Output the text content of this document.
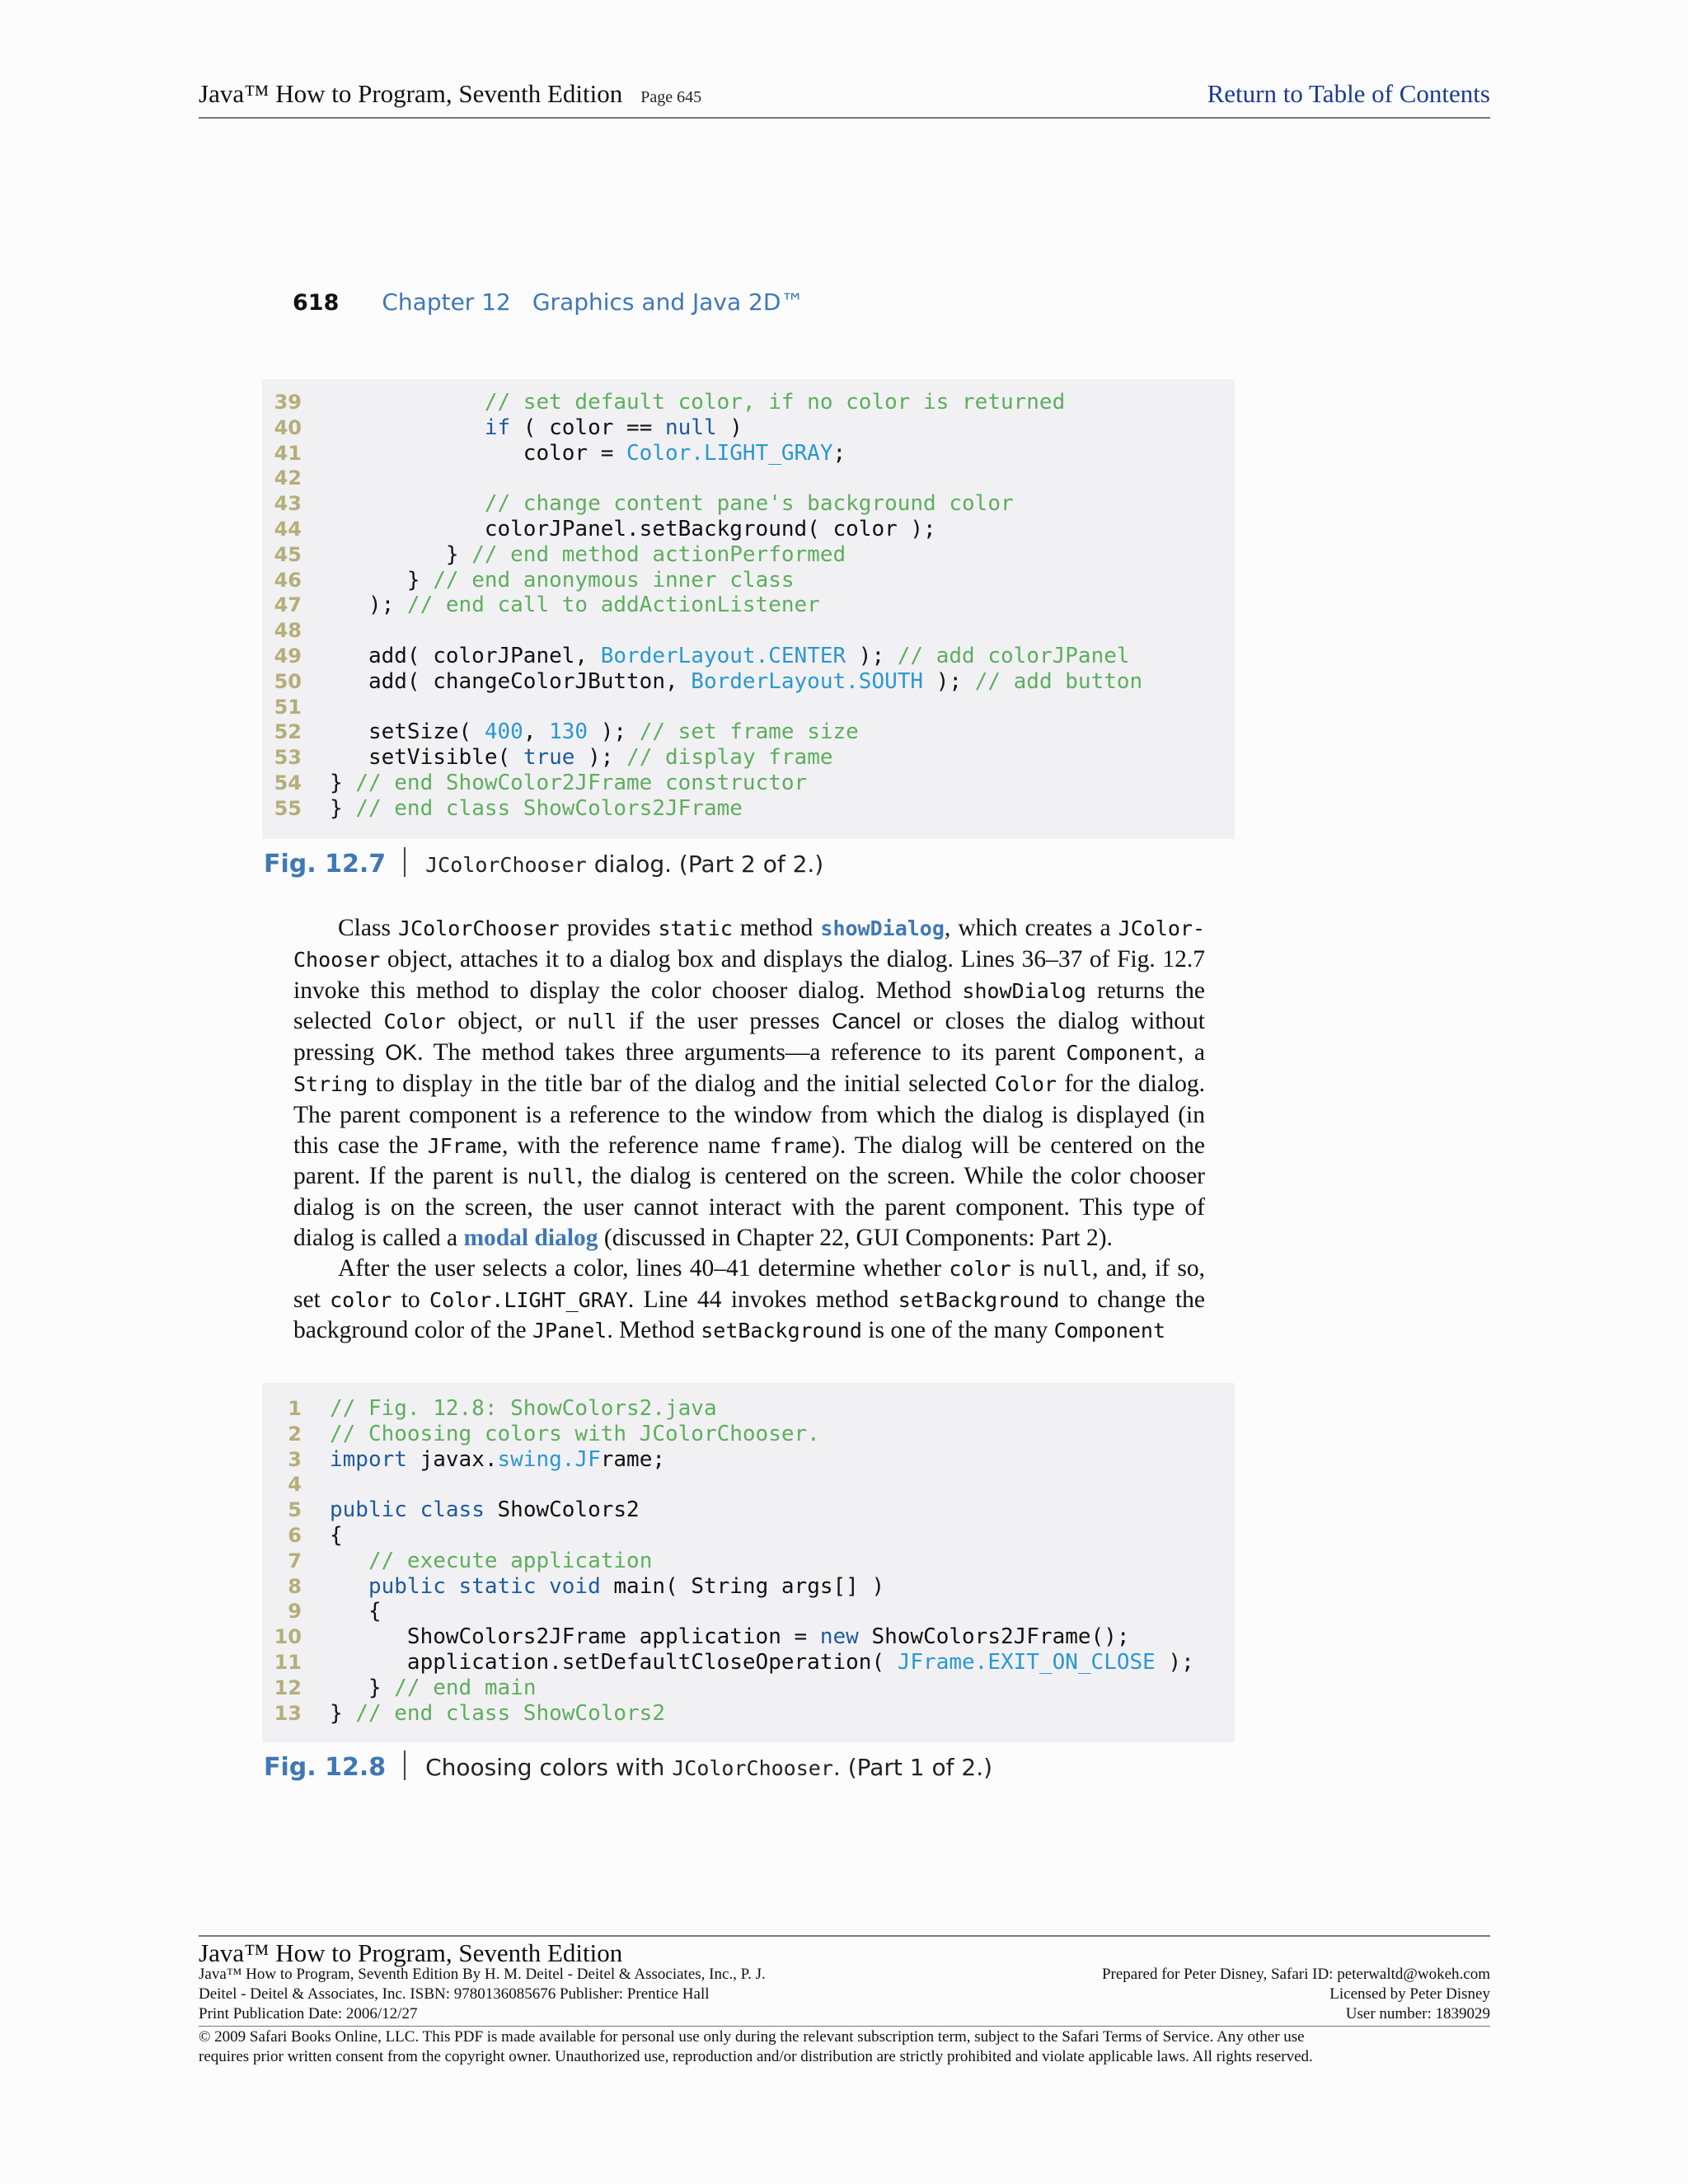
Java™ How to Program, Seventh Edition Page 645	Return to Table of Contents
618 Chapter 12 Graphics and Java 2D™
39	// set default color, if no color is returned
40	if ( color == null )
41 color = Color.LIGHT_GRAY;
42
43	// change content pane's background color
44 colorJPanel.setBackground( color );
45 } // end method actionPerformed
46 } // end anonymous inner class
47 ); // end call to addActionListener
48
49 add( colorJPanel, BorderLayout.CENTER ); // add colorJPanel
50 add( changeColorJButton, BorderLayout.SOUTH ); // add button
51
52 setSize( 400, 130 ); // set frame size
53 setVisible( true ); // display frame
54 } // end ShowColor2JFrame constructor
55 } // end class ShowColors2JFrame
Fig. 12.7 JColorChooser dialog. (Part 2 of 2.)
Class JColorChooser provides static method showDialog, which creates a JColor- Chooser object, attaches it to a dialog box and displays the dialog. Lines 36–37 of Fig. 12.7 invoke this method to display the color chooser dialog. Method showDialog returns the selected Color object, or null if the user presses Cancel or closes the dialog without pressing OK. The method takes three arguments—a reference to its parent Component, a String to display in the title bar of the dialog and the initial selected Color for the dialog. The parent component is a reference to the window from which the dialog is displayed (in this case the JFrame, with the reference name frame). The dialog will be centered on the parent. If the parent is null, the dialog is centered on the screen. While the color chooser dialog is on the screen, the user cannot interact with the parent component. This type of dialog is called a modal dialog (discussed in Chapter 22, GUI Components: Part 2).
After the user selects a color, lines 40–41 determine whether color is null, and, if so, set color to Color.LIGHT_GRAY. Line 44 invokes method setBackground to change the background color of the JPanel. Method setBackground is one of the many Component
1 // Fig. 12.8: ShowColors2.java
2 // Choosing colors with JColorChooser.
3 import javax.swing.JFrame;
4
5 public class ShowColors2
6 {
7	// execute application
8	public static void main( String args[] )
9 {
10 ShowColors2JFrame application = new ShowColors2JFrame();
11 application.setDefaultCloseOperation( JFrame.EXIT_ON_CLOSE );
12 } // end main
13 } // end class ShowColors2
Fig. 12.8 Choosing colors with JColorChooser. (Part 1 of 2.)
Java™ How to Program, Seventh Edition
Java™ How to Program, Seventh Edition By H. M. Deitel - Deitel & Associates, Inc., P. J.	Prepared for Peter Disney, Safari ID: peterwaltd@wokeh.com
Deitel - Deitel & Associates, Inc. ISBN: 9780136085676 Publisher: Prentice Hall	Licensed by Peter Disney
Print Publication Date: 2006/12/27	User number: 1839029
© 2009 Safari Books Online, LLC. This PDF is made available for personal use only during the relevant subscription term, subject to the Safari Terms of Service. Any other use
requires prior written consent from the copyright owner. Unauthorized use, reproduction and/or distribution are strictly prohibited and violate applicable laws. All rights reserved.
